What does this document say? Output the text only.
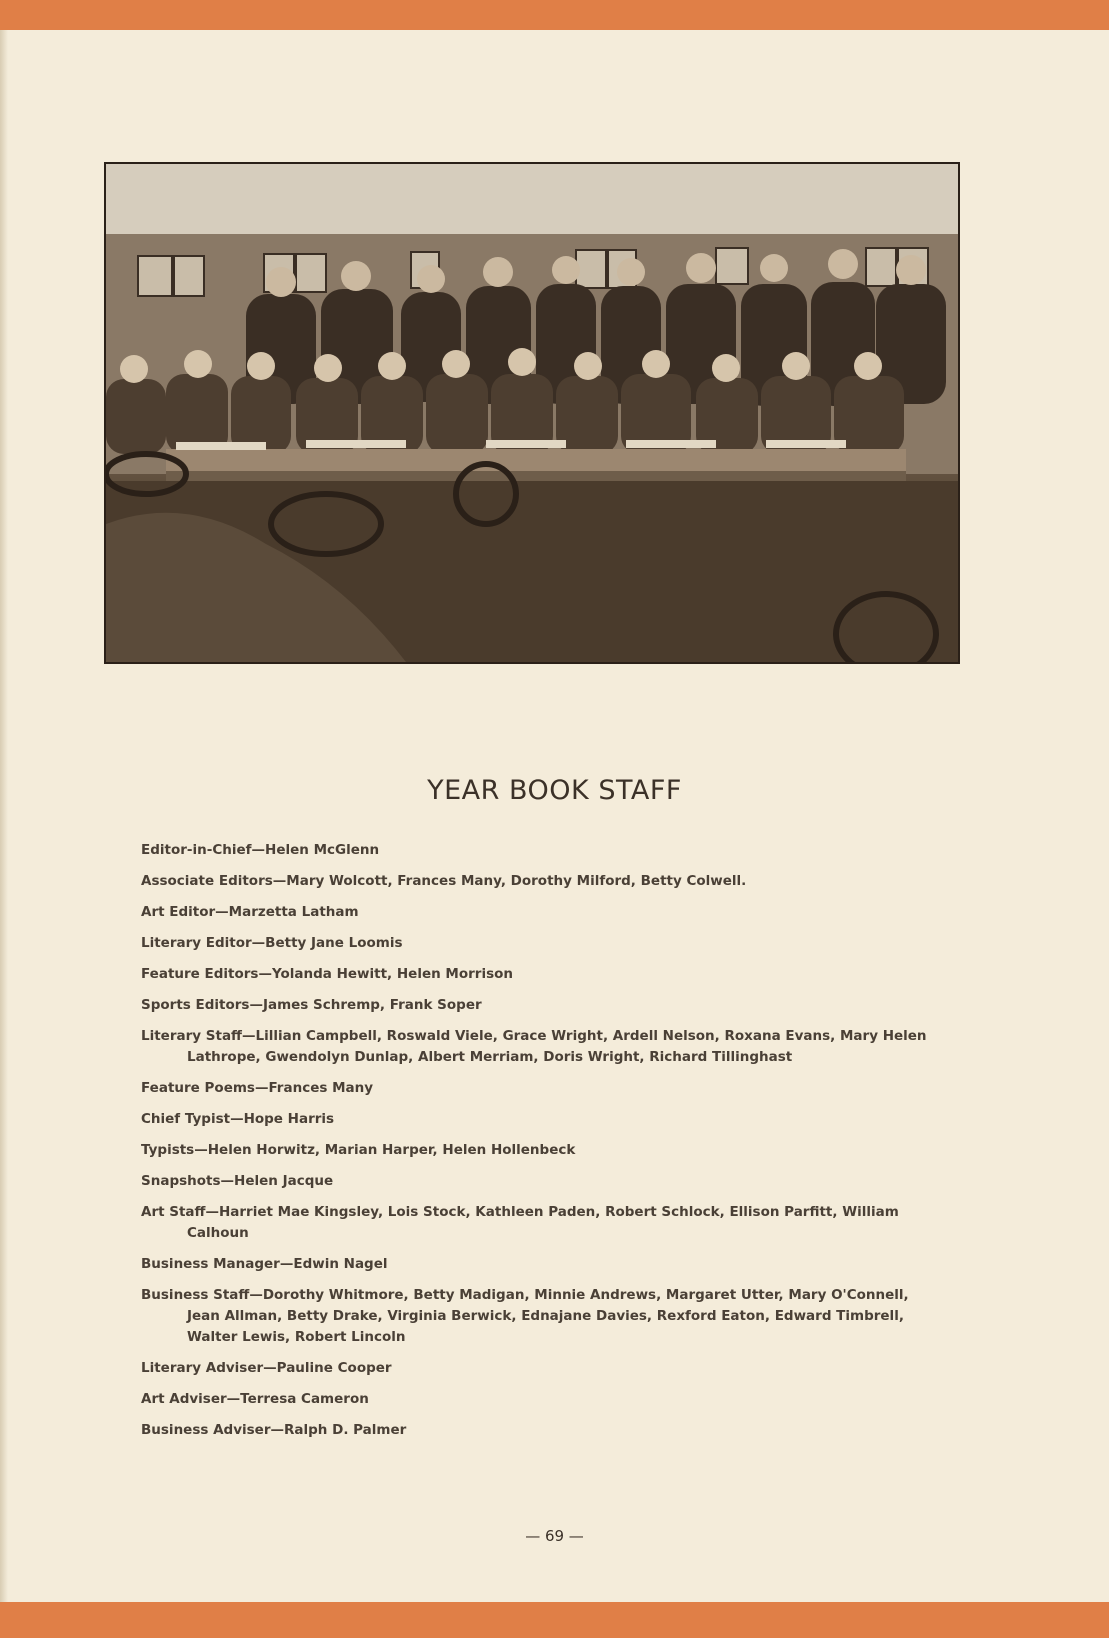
YEAR BOOK STAFF

Editor-in-Chief—Helen McGlenn

Associate Editors—Mary Wolcott, Frances Many, Dorothy Milford, Betty Colwell.

Art Editor—Marzetta Latham

Literary Editor—Betty Jane Loomis

Feature Editors—Yolanda Hewitt, Helen Morrison

Sports Editors—James Schremp, Frank Soper

Literary Staff—Lillian Campbell, Roswald Viele, Grace Wright, Ardell Nelson, Roxana Evans, Mary Helen Lathrope, Gwendolyn Dunlap, Albert Merriam, Doris Wright, Richard Tillinghast

Feature Poems—Frances Many

Chief Typist—Hope Harris

Typists—Helen Horwitz, Marian Harper, Helen Hollenbeck

Snapshots—Helen Jacque

Art Staff—Harriet Mae Kingsley, Lois Stock, Kathleen Paden, Robert Schlock, Ellison Parfitt, William Calhoun

Business Manager—Edwin Nagel

Business Staff—Dorothy Whitmore, Betty Madigan, Minnie Andrews, Margaret Utter, Mary O'Connell, Jean Allman, Betty Drake, Virginia Berwick, Ednajane Davies, Rexford Eaton, Edward Timbrell, Walter Lewis, Robert Lincoln

Literary Adviser—Pauline Cooper

Art Adviser—Terresa Cameron

Business Adviser—Ralph D. Palmer

— 69 —
